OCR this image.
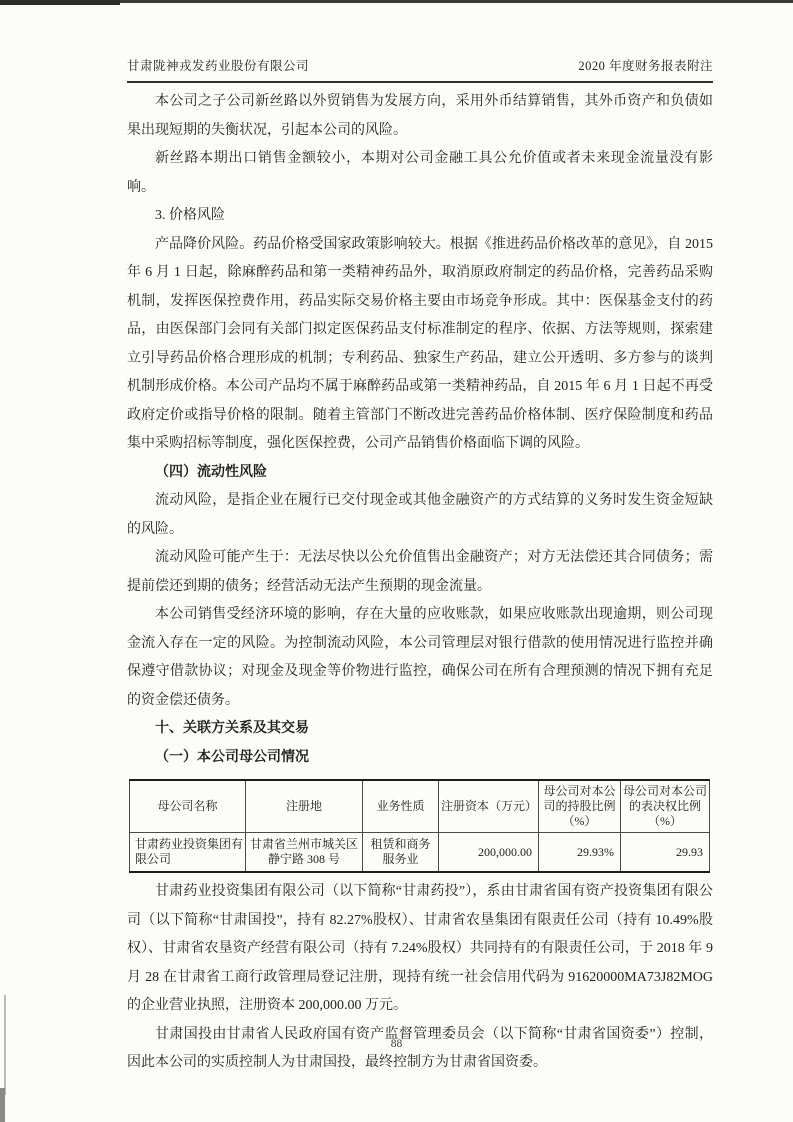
甘肃陇神戎发药业股份有限公司	2020 年度财务报表附注

本公司之子公司新丝路以外贸销售为发展方向，采用外币结算销售，其外币资产和负债如果出现短期的失衡状况，引起本公司的风险。

新丝路本期出口销售金额较小，本期对公司金融工具公允价值或者未来现金流量没有影响。

3. 价格风险

产品降价风险。药品价格受国家政策影响较大。根据《推进药品价格改革的意见》，自 2015 年 6 月 1 日起，除麻醉药品和第一类精神药品外，取消原政府制定的药品价格，完善药品采购机制，发挥医保控费作用，药品实际交易价格主要由市场竞争形成。其中：医保基金支付的药品，由医保部门会同有关部门拟定医保药品支付标准制定的程序、依据、方法等规则，探索建立引导药品价格合理形成的机制；专利药品、独家生产药品，建立公开透明、多方参与的谈判机制形成价格。本公司产品均不属于麻醉药品或第一类精神药品，自 2015 年 6 月 1 日起不再受政府定价或指导价格的限制。随着主管部门不断改进完善药品价格体制、医疗保险制度和药品集中采购招标等制度，强化医保控费，公司产品销售价格面临下调的风险。

（四）流动性风险

流动风险，是指企业在履行已交付现金或其他金融资产的方式结算的义务时发生资金短缺的风险。

流动风险可能产生于：无法尽快以公允价值售出金融资产；对方无法偿还其合同债务；需提前偿还到期的债务；经营活动无法产生预期的现金流量。

本公司销售受经济环境的影响，存在大量的应收账款，如果应收账款出现逾期，则公司现金流入存在一定的风险。为控制流动风险，本公司管理层对银行借款的使用情况进行监控并确保遵守借款协议；对现金及现金等价物进行监控，确保公司在所有合理预测的情况下拥有充足的资金偿还债务。

十、关联方关系及其交易

（一）本公司母公司情况

母公司名称	注册地	业务性质	注册资本（万元）	母公司对本公司的持股比例（%）	母公司对本公司的表决权比例（%）
甘肃药业投资集团有限公司	甘肃省兰州市城关区静宁路 308 号	租赁和商务服务业	200,000.00	29.93%	29.93

甘肃药业投资集团有限公司（以下简称“甘肃药投”），系由甘肃省国有资产投资集团有限公司（以下简称“甘肃国投”，持有 82.27%股权）、甘肃省农垦集团有限责任公司（持有 10.49%股权）、甘肃省农垦资产经营有限公司（持有 7.24%股权）共同持有的有限责任公司，于 2018 年 9 月 28 在甘肃省工商行政管理局登记注册，现持有统一社会信用代码为 91620000MA73J82MOG 的企业营业执照，注册资本 200,000.00 万元。

甘肃国投由甘肃省人民政府国有资产监督管理委员会（以下简称“甘肃省国资委”）控制，因此本公司的实质控制人为甘肃国投，最终控制方为甘肃省国资委。

88
